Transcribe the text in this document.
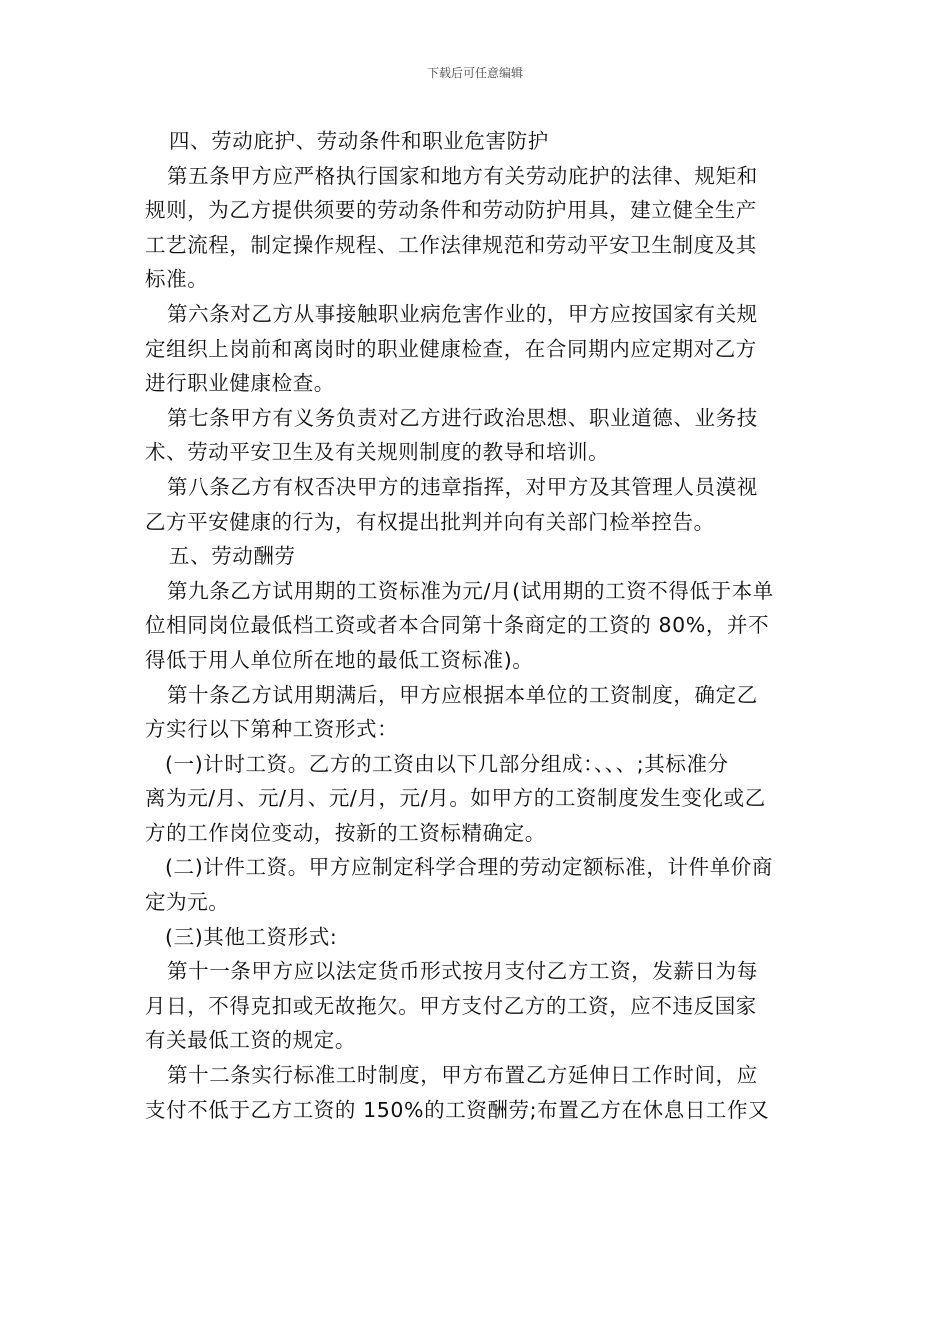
下载后可任意编辑
四、劳动庇护、劳动条件和职业危害防护
第五条甲方应严格执行国家和地方有关劳动庇护的法律、规矩和
规则，为乙方提供须要的劳动条件和劳动防护用具，建立健全生产
工艺流程，制定操作规程、工作法律规范和劳动平安卫生制度及其
标准。
第六条对乙方从事接触职业病危害作业的，甲方应按国家有关规
定组织上岗前和离岗时的职业健康检查，在合同期内应定期对乙方
进行职业健康检查。
第七条甲方有义务负责对乙方进行政治思想、职业道德、业务技
术、劳动平安卫生及有关规则制度的教导和培训。
第八条乙方有权否决甲方的违章指挥，对甲方及其管理人员漠视
乙方平安健康的行为，有权提出批判并向有关部门检举控告。
五、劳动酬劳
第九条乙方试用期的工资标准为元/月(试用期的工资不得低于本单
位相同岗位最低档工资或者本合同第十条商定的工资的 80%，并不
得低于用人单位所在地的最低工资标准)。
第十条乙方试用期满后，甲方应根据本单位的工资制度，确定乙
方实行以下第种工资形式：
(一)计时工资。乙方的工资由以下几部分组成：、、、;其标准分
离为元/月、元/月、元/月，元/月。如甲方的工资制度发生变化或乙
方的工作岗位变动，按新的工资标精确定。
(二)计件工资。甲方应制定科学合理的劳动定额标准，计件单价商
定为元。
(三)其他工资形式:
第十一条甲方应以法定货币形式按月支付乙方工资，发薪日为每
月日，不得克扣或无故拖欠。甲方支付乙方的工资，应不违反国家
有关最低工资的规定。
第十二条实行标准工时制度，甲方布置乙方延伸日工作时间，应
支付不低于乙方工资的 150%的工资酬劳;布置乙方在休息日工作又
